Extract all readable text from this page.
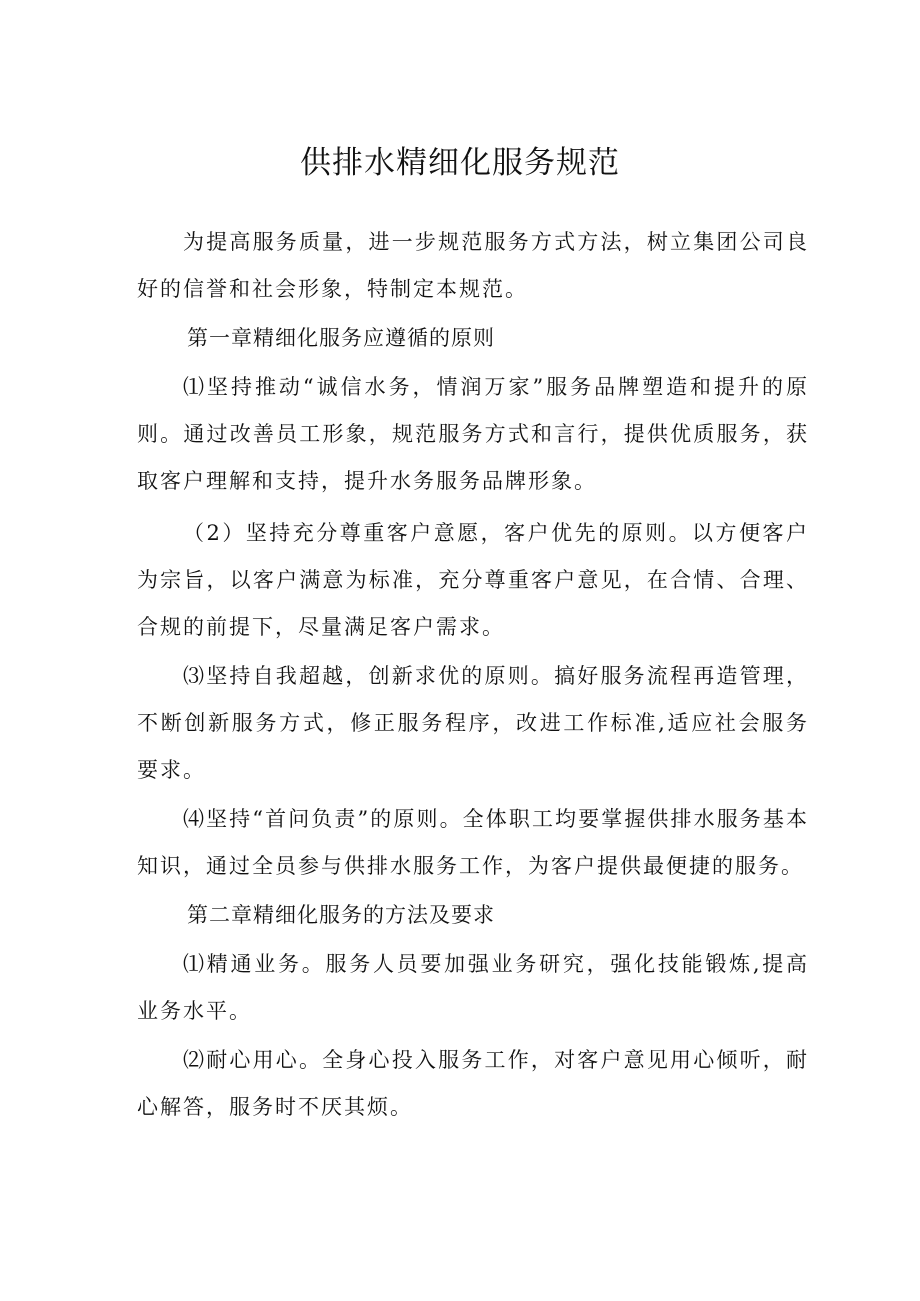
供排水精细化服务规范

为提高服务质量，进一步规范服务方式方法，树立集团公司良好的信誉和社会形象，特制定本规范。

第一章精细化服务应遵循的原则

⑴坚持推动“诚信水务，情润万家”服务品牌塑造和提升的原则。通过改善员工形象，规范服务方式和言行，提供优质服务，获取客户理解和支持，提升水务服务品牌形象。

（2）坚持充分尊重客户意愿，客户优先的原则。以方便客户为宗旨，以客户满意为标准，充分尊重客户意见，在合情、合理、合规的前提下，尽量满足客户需求。

⑶坚持自我超越，创新求优的原则。搞好服务流程再造管理，不断创新服务方式，修正服务程序，改进工作标准,适应社会服务要求。

⑷坚持“首问负责”的原则。全体职工均要掌握供排水服务基本知识，通过全员参与供排水服务工作，为客户提供最便捷的服务。

第二章精细化服务的方法及要求

⑴精通业务。服务人员要加强业务研究，强化技能锻炼,提高业务水平。

⑵耐心用心。全身心投入服务工作，对客户意见用心倾听，耐心解答，服务时不厌其烦。
